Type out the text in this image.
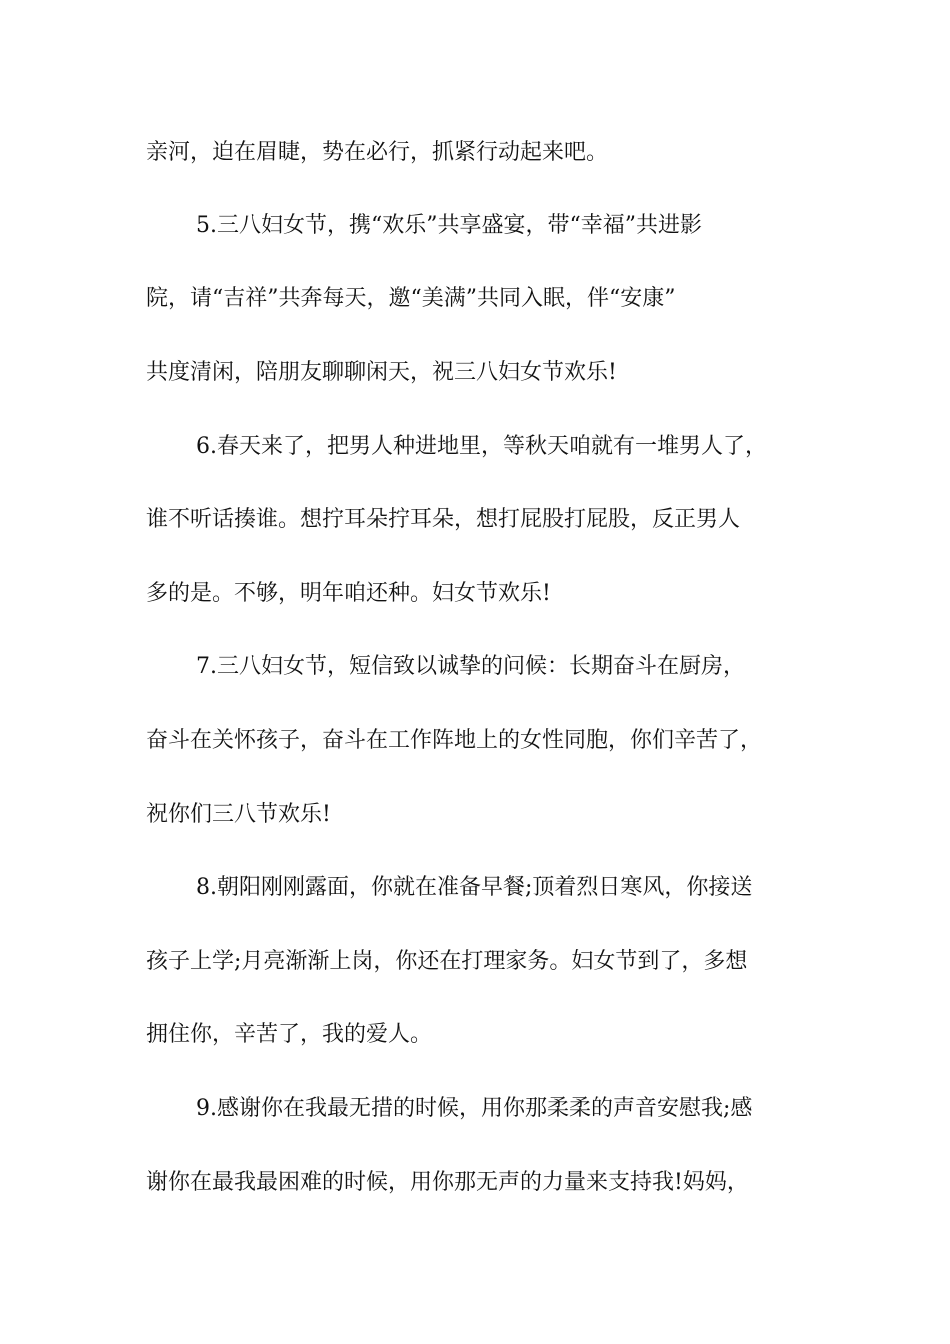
亲河，迫在眉睫，势在必行，抓紧行动起来吧。
5.三八妇女节，携“欢乐”共享盛宴，带“幸福”共进影
院，请“吉祥”共奔每天，邀“美满”共同入眠，伴“安康”
共度清闲，陪朋友聊聊闲天，祝三八妇女节欢乐!
6.春天来了，把男人种进地里，等秋天咱就有一堆男人了，
谁不听话揍谁。想拧耳朵拧耳朵，想打屁股打屁股，反正男人
多的是。不够，明年咱还种。妇女节欢乐!
7.三八妇女节，短信致以诚挚的问候：长期奋斗在厨房，
奋斗在关怀孩子，奋斗在工作阵地上的女性同胞，你们辛苦了，
祝你们三八节欢乐!
8.朝阳刚刚露面，你就在准备早餐;顶着烈日寒风，你接送
孩子上学;月亮渐渐上岗，你还在打理家务。妇女节到了，多想
拥住你，辛苦了，我的爱人。
9.感谢你在我最无措的时候，用你那柔柔的声音安慰我;感
谢你在最我最困难的时候，用你那无声的力量来支持我!妈妈，
